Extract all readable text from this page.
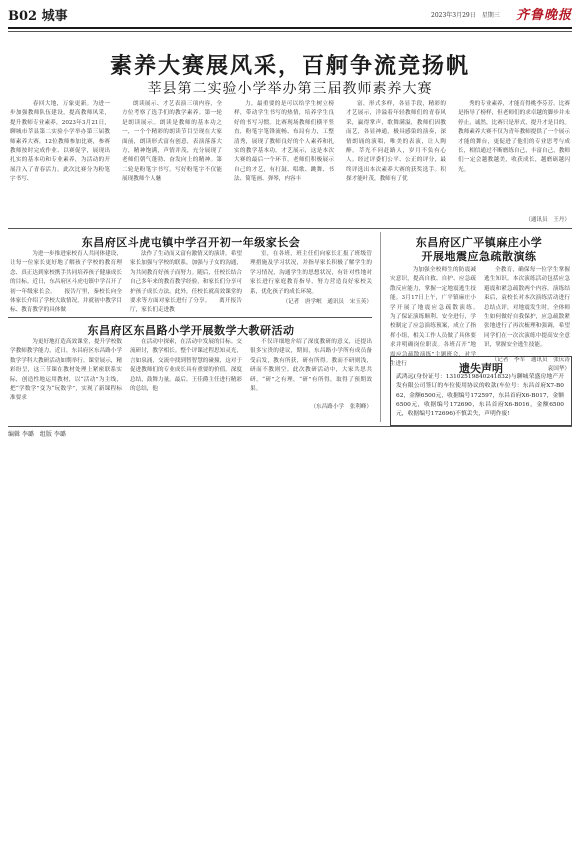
B02 城事	2023年3月29日　星期三 齐鲁晚报
素养大赛展风采，百舸争流竞扬帆
莘县第二实验小学举办第三届教师素养大赛

　　春回大地，万象更新。为进一步加强教师队伍建设，提高教师风采，提升教师专业素养，2023年3月21日，聊城市莘县第二实验小学举办第三届教师素养大赛，12位教师参加比赛，参赛教师按时完成作业、以赛促学，展现出扎实的基本功和专业素养，为活动的开展注入了青春活力。此次比赛分为粉笔字书写、

朗读展示、才艺表演三项内容，全方位考察了选手们的教学素养。第一轮是朗读展示。朗读是教师的基本功之一，一个个精彩的朗读节目呈现在大家面前，朗读形式富有创意，表演落落大方，精神饱满，声情并茂，充分展现了老师们朝气蓬勃、奋发向上的精神。第二轮是粉笔字书写。写好粉笔字不仅能展现教师个人魅

力，最重要的是可以给学生树立榜样，带动学生书写的热情，培养学生良好的书写习惯。比赛现场教师们横平竖直，粉笔字笔锋流畅、布局有力，工整清秀，展现了教师良好的个人素养和扎实的教学基本功。才艺展示，这是本次大赛的最后一个环节，老师们积极展示自己的才艺，有打鼓、唱歌、跳舞、书法、简笔画、弹琴，内容丰

富，形式多样，各显手段，精彩的才艺展示，洋溢着年轻教师们的青春风采，赢得掌声，歌舞满溢，教师们因教而艺，各显神通，极具感染的演奏，深情朗诵的演唱，唯美的表演，让人陶醉。莘光不问赶路人，岁月不负有心人。经过评委们公平、公正的评分，最终评选出本次素养大赛的获奖选手。积探才能叶茂，教师有了优

秀的专业素养，才能育得桃李芬芳。比赛是指导了榜样，但老师们的求卓越的脚步并未停止，诚然，比赛只是形式，提升才是目的。教师素养大赛不仅为青年教师提供了一个展示才能的舞台，更促进了他们的专业思考与成长，相信通过不断磨练自己，丰富自己，教师们一定会越教越美，收获成长，越磨砺越闪光。

（通讯员　王丹）

东昌府区斗虎屯镇中学召开初一年级家长会

　　为进一步推进家校育人共同体建设，让每一位家长更好地了解孩子学校的教育理念、真正达到家校携手共同培养孩子健康成长的目标。近日，东昌府区斗虎屯镇中学召开了初一年级家长会。　　报告厅里，秦校长向全体家长介绍了学校大致情况，并就初中教学目标、教育教学的具体做

法作了生动而又富有激情又的演讲。希望家长加强与学校的联系，加强与子女的沟通，为共同教育好孩子而努力。随后，任校长结合自己多年来的教育教学经验，和家长们分享可护孩子成长方法。此外，任校长就高效课堂的要求等方面对家长进行了分享。　　离开报告厅，家长们走进教

室，在各班，班主任们向家长汇报了班级管理措施及学习状况，并指导家长积极了解学生的学习情况，沟通学生的思想状况，有针对性地对家长进行家庭教育指导，努力营造良好家校关系，优化孩子的成长环境。

（记者　唐学岷　通讯员　宋玉英）

东昌府区东昌路小学开展数学大教研活动

　　为更好地打造高效课堂，提升学校数学教师教学能力，近日，东昌府区东昌路小学数学学科大教研活动如期举行。课堂展示，精彩纷呈，这三节课在教材处理上紧密联系实际，创造性地运用教材，以“活动”为主线，把“学数学”变为“玩数学”，实现了新课程标准要求

在活动中探索，在活动中发展的目标。交流研讨，教学相长。整个评课过程思知灵光，言如泉涌，交流中找到智智慧的碰撞，这对于促进教师们的专业成长具有重要的价值。深度总结，鼓舞力量。最后，王佳爵主任进行精彩的总结，他

不仅详细地介绍了深度教研的意义，还提出很多宝贵的建议，期间，东昌路小学所有成员备受启发，教有所获，研有所得。教而不研则浅，研而不教则空。此次教研活动中，大家共思共研，“研”之有理，“研”有所得，取得了预期效果。

（东昌路小学　张利峰）

东昌府区广平镇麻庄小学
开展地震应急疏散演练

　　为加强全校师生的防震减灾意识，提高自救、自护、应急疏散反应能力，掌握一定地震逃生技能。3月17日上午，广平镇麻庄小学开展了地震应急疏散演练。　　为了保证演练顺利、安全进行，学校制定了应急演练预案，成立了指挥小组，相关工作人员做了具体要求并明确岗位职责。各班召开“地震应急疏散演练”主题班会，对学生进行

全教育，确保每一位学生掌握逃生知识。本次演练活动包括应急避震和紧急疏散两个内容。演练结束后，袁校长对本次演练活动进行总结点评，对地震发生时，全体师生如何做好自我保护，应急疏散紧张地进行了再次梳理和强调，希望同学们在一次次演练中提高安全意识，掌握安全逃生技能。

（记者　李军　通讯员　张庆涛　袁国华）

遗失声明
武鸿远(身份证号：13102519840241832)与聊城荣盛房地产开发有限公司签订的车位使用协议的收款(车位号：东昌首府X7-B062，金额6500元，收据编号172597，东昌首府X6-B017，金额6500元，收据编号172690，东昌首府X6-B016，金额6500元，收据编号172696)不慎丢失，声明作废!
编辑 李璐　组版 李璐
